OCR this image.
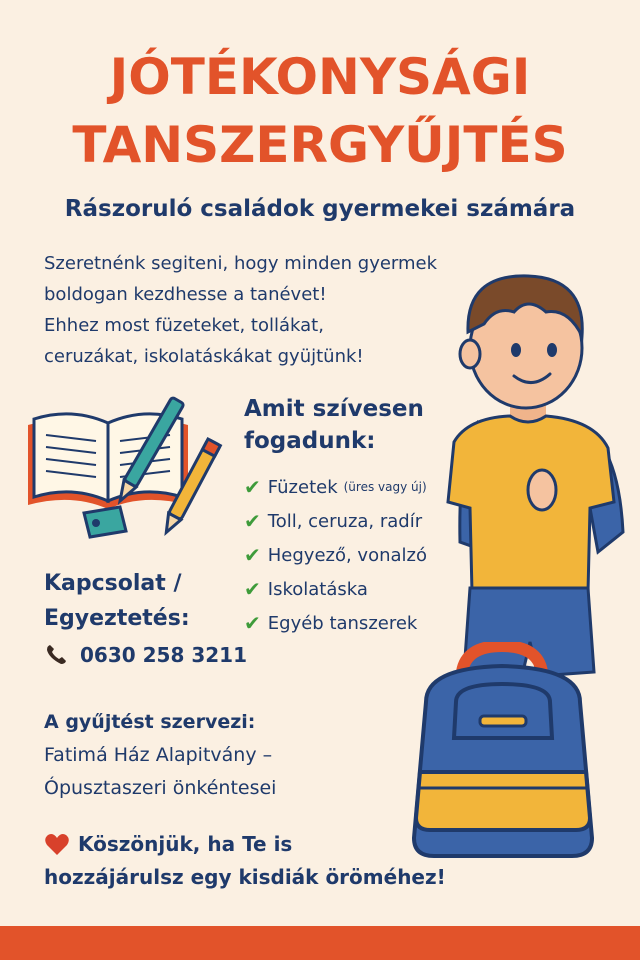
JÓTÉKONYSÁGI
TANSZERGYŰJTÉS
Rászoruló családok gyermekei számára
Szeretnénk segiteni, hogy minden gyermek
boldogan kezdhesse a tanévet!
Ehhez most füzeteket, tollákat,
ceruzákat, iskolatáskákat gyüjtünk!
Amit szívesen
fogadunk:
✔ Füzetek (üres vagy új)
✔ Toll, ceruza, radír
✔ Hegyező, vonalzó
✔ Iskolatáska
✔ Egyéb tanszerek
Kapcsolat /
Egyeztetés:
0630 258 3211
A gyűjtést szervezi:
Fatimá Ház Alapitvány –
Ópusztaszeri önkéntesei
Köszönjük, ha Te is
hozzájárulsz egy kisdiák öröméhez!
